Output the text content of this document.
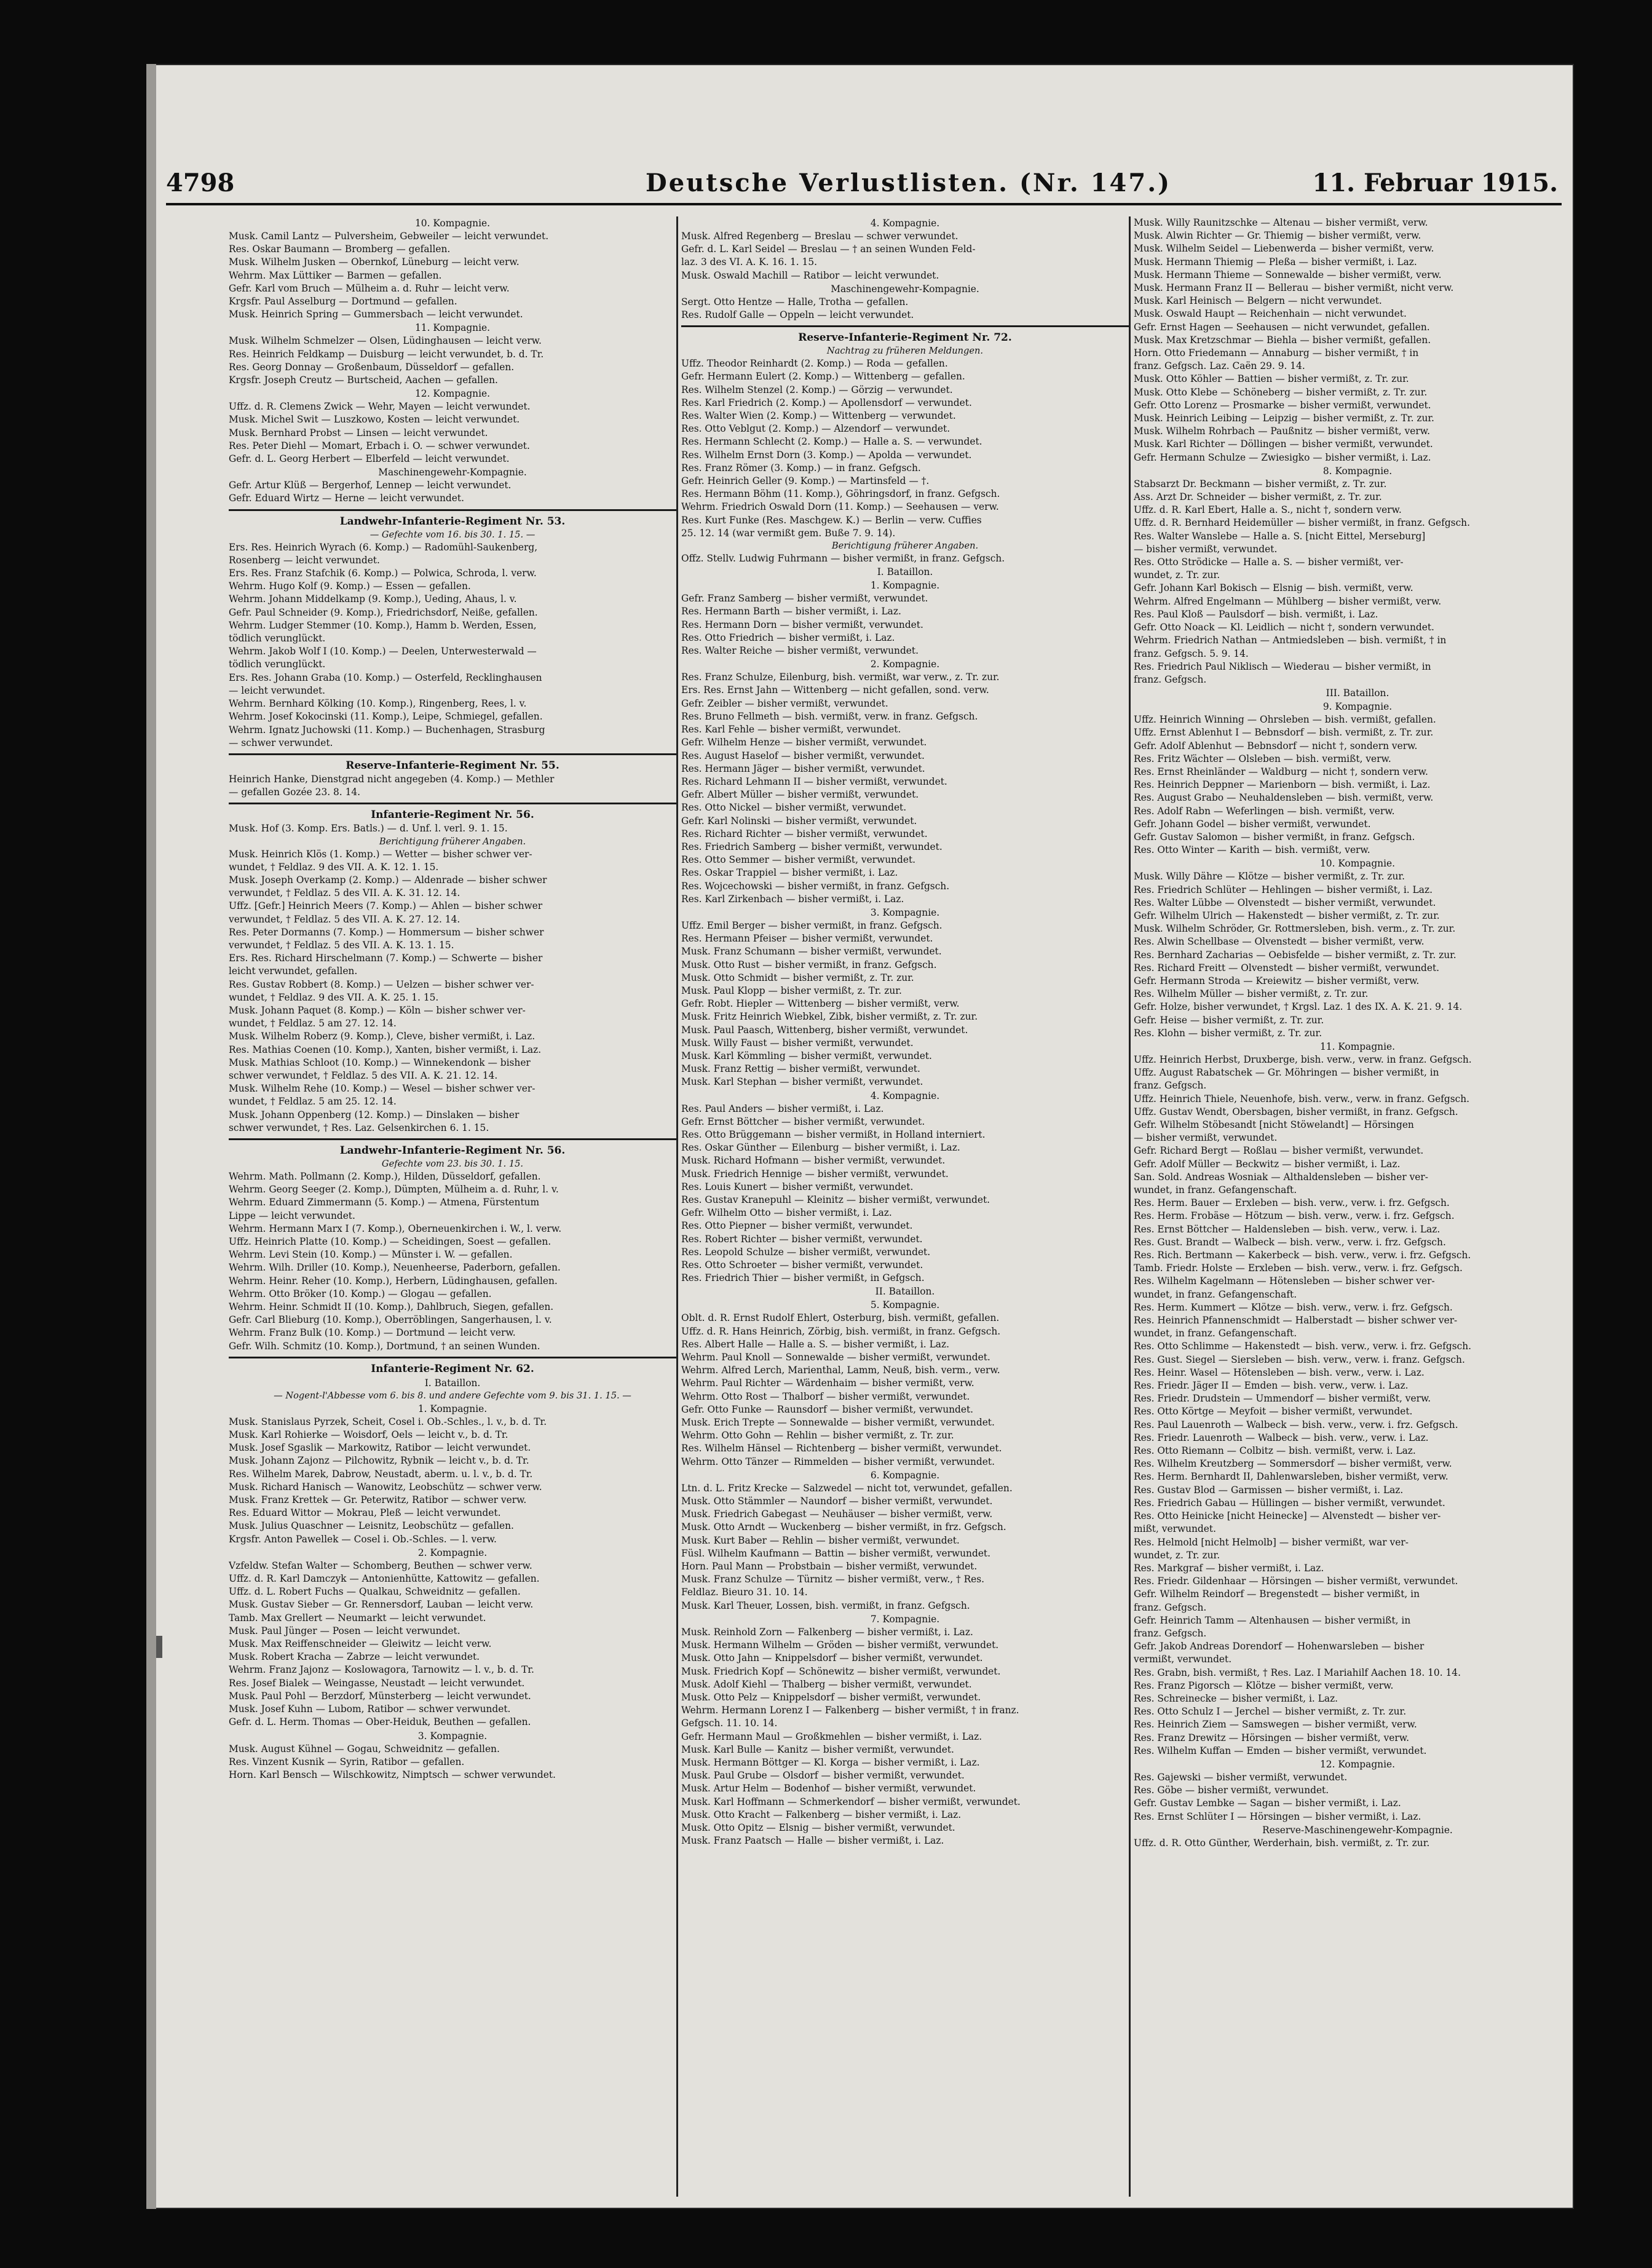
4798	Deutsche Verlustlisten. (Nr. 147.)	11. Februar 1915.
10. Kompagnie.
Musk. Camil Lantz — Pulversheim, Gebweiler — leicht verwundet.
Res. Oskar Baumann — Bromberg — gefallen.
Musk. Wilhelm Jusken — Obernkof, Lüneburg — leicht verw.
Wehrm. Max Lüttiker — Barmen — gefallen.
Gefr. Karl vom Bruch — Mülheim a. d. Ruhr — leicht verw.
Krgsfr. Paul Asselburg — Dortmund — gefallen.
Musk. Heinrich Spring — Gummersbach — leicht verwundet.
11. Kompagnie.
Musk. Wilhelm Schmelzer — Olsen, Lüdinghausen — leicht verw.
Res. Heinrich Feldkamp — Duisburg — leicht verwundet, b. d. Tr.
Res. Georg Donnay — Großenbaum, Düsseldorf — gefallen.
Krgsfr. Joseph Creutz — Burtscheid, Aachen — gefallen.
12. Kompagnie.
Uffz. d. R. Clemens Zwick — Wehr, Mayen — leicht verwundet.
Musk. Michel Swit — Luszkowo, Kosten — leicht verwundet.
Musk. Bernhard Probst — Linsen — leicht verwundet.
Res. Peter Diehl — Momart, Erbach i. O. — schwer verwundet.
Gefr. d. L. Georg Herbert — Elberfeld — leicht verwundet.
Maschinengewehr-Kompagnie.
Gefr. Artur Klüß — Bergerhof, Lennep — leicht verwundet.
Gefr. Eduard Wirtz — Herne — leicht verwundet.
Landwehr-Infanterie-Regiment Nr. 53.
— Gefechte vom 16. bis 30. 1. 15. —
Ers. Res. Heinrich Wyrach (6. Komp.) — Radomühl-Saukenberg,
Rosenberg — leicht verwundet.
Ers. Res. Franz Stafchik (6. Komp.) — Polwica, Schroda, l. verw.
Wehrm. Hugo Kolf (9. Komp.) — Essen — gefallen.
Wehrm. Johann Middelkamp (9. Komp.), Ueding, Ahaus, l. v.
Gefr. Paul Schneider (9. Komp.), Friedrichsdorf, Neiße, gefallen.
Wehrm. Ludger Stemmer (10. Komp.), Hamm b. Werden, Essen,
tödlich verunglückt.
Wehrm. Jakob Wolf I (10. Komp.) — Deelen, Unterwesterwald —
tödlich verunglückt.
Ers. Res. Johann Graba (10. Komp.) — Osterfeld, Recklinghausen
— leicht verwundet.
Wehrm. Bernhard Kölking (10. Komp.), Ringenberg, Rees, l. v.
Wehrm. Josef Kokocinski (11. Komp.), Leipe, Schmiegel, gefallen.
Wehrm. Ignatz Juchowski (11. Komp.) — Buchenhagen, Strasburg
— schwer verwundet.
Reserve-Infanterie-Regiment Nr. 55.
Heinrich Hanke, Dienstgrad nicht angegeben (4. Komp.) — Methler
— gefallen Gozée 23. 8. 14.
Infanterie-Regiment Nr. 56.
Musk. Hof (3. Komp. Ers. Batls.) — d. Unf. l. verl. 9. 1. 15.
Berichtigung früherer Angaben.
Musk. Heinrich Klös (1. Komp.) — Wetter — bisher schwer ver-
wundet, † Feldlaz. 9 des VII. A. K. 12. 1. 15.
Musk. Joseph Overkamp (2. Komp.) — Aldenrade — bisher schwer
verwundet, † Feldlaz. 5 des VII. A. K. 31. 12. 14.
Uffz. [Gefr.] Heinrich Meers (7. Komp.) — Ahlen — bisher schwer
verwundet, † Feldlaz. 5 des VII. A. K. 27. 12. 14.
Res. Peter Dormanns (7. Komp.) — Hommersum — bisher schwer
verwundet, † Feldlaz. 5 des VII. A. K. 13. 1. 15.
Ers. Res. Richard Hirschelmann (7. Komp.) — Schwerte — bisher
leicht verwundet, gefallen.
Res. Gustav Robbert (8. Komp.) — Uelzen — bisher schwer ver-
wundet, † Feldlaz. 9 des VII. A. K. 25. 1. 15.
Musk. Johann Paquet (8. Komp.) — Köln — bisher schwer ver-
wundet, † Feldlaz. 5 am 27. 12. 14.
Musk. Wilhelm Roberz (9. Komp.), Cleve, bisher vermißt, i. Laz.
Res. Mathias Coenen (10. Komp.), Xanten, bisher vermißt, i. Laz.
Musk. Mathias Schloot (10. Komp.) — Winnekendonk — bisher
schwer verwundet, † Feldlaz. 5 des VII. A. K. 21. 12. 14.
Musk. Wilhelm Rehe (10. Komp.) — Wesel — bisher schwer ver-
wundet, † Feldlaz. 5 am 25. 12. 14.
Musk. Johann Oppenberg (12. Komp.) — Dinslaken — bisher
schwer verwundet, † Res. Laz. Gelsenkirchen 6. 1. 15.
Landwehr-Infanterie-Regiment Nr. 56.
Gefechte vom 23. bis 30. 1. 15.
Wehrm. Math. Pollmann (2. Komp.), Hilden, Düsseldorf, gefallen.
Wehrm. Georg Seeger (2. Komp.), Dümpten, Mülheim a. d. Ruhr, l. v.
Wehrm. Eduard Zimmermann (5. Komp.) — Atmena, Fürstentum
Lippe — leicht verwundet.
Wehrm. Hermann Marx I (7. Komp.), Oberneuenkirchen i. W., l. verw.
Uffz. Heinrich Platte (10. Komp.) — Scheidingen, Soest — gefallen.
Wehrm. Levi Stein (10. Komp.) — Münster i. W. — gefallen.
Wehrm. Wilh. Driller (10. Komp.), Neuenheerse, Paderborn, gefallen.
Wehrm. Heinr. Reher (10. Komp.), Herbern, Lüdinghausen, gefallen.
Wehrm. Otto Bröker (10. Komp.) — Glogau — gefallen.
Wehrm. Heinr. Schmidt II (10. Komp.), Dahlbruch, Siegen, gefallen.
Gefr. Carl Blieburg (10. Komp.), Oberröblingen, Sangerhausen, l. v.
Wehrm. Franz Bulk (10. Komp.) — Dortmund — leicht verw.
Gefr. Wilh. Schmitz (10. Komp.), Dortmund, † an seinen Wunden.
Infanterie-Regiment Nr. 62.
I. Bataillon.
— Nogent-l'Abbesse vom 6. bis 8. und andere Gefechte vom 9. bis 31. 1. 15. —
1. Kompagnie.
Musk. Stanislaus Pyrzek, Scheit, Cosel i. Ob.-Schles., l. v., b. d. Tr.
Musk. Karl Rohierke — Woisdorf, Oels — leicht v., b. d. Tr.
Musk. Josef Sgaslik — Markowitz, Ratibor — leicht verwundet.
Musk. Johann Zajonz — Pilchowitz, Rybnik — leicht v., b. d. Tr.
Res. Wilhelm Marek, Dabrow, Neustadt, aberm. u. l. v., b. d. Tr.
Musk. Richard Hanisch — Wanowitz, Leobschütz — schwer verw.
Musk. Franz Krettek — Gr. Peterwitz, Ratibor — schwer verw.
Res. Eduard Wittor — Mokrau, Pleß — leicht verwundet.
Musk. Julius Quaschner — Leisnitz, Leobschütz — gefallen.
Krgsfr. Anton Pawellek — Cosel i. Ob.-Schles. — l. verw.
2. Kompagnie.
Vzfeldw. Stefan Walter — Schomberg, Beuthen — schwer verw.
Uffz. d. R. Karl Damczyk — Antonienhütte, Kattowitz — gefallen.
Uffz. d. L. Robert Fuchs — Qualkau, Schweidnitz — gefallen.
Musk. Gustav Sieber — Gr. Rennersdorf, Lauban — leicht verw.
Tamb. Max Grellert — Neumarkt — leicht verwundet.
Musk. Paul Jünger — Posen — leicht verwundet.
Musk. Max Reiffenschneider — Gleiwitz — leicht verw.
Musk. Robert Kracha — Zabrze — leicht verwundet.
Wehrm. Franz Jajonz — Koslowagora, Tarnowitz — l. v., b. d. Tr.
Res. Josef Bialek — Weingasse, Neustadt — leicht verwundet.
Musk. Paul Pohl — Berzdorf, Münsterberg — leicht verwundet.
Musk. Josef Kuhn — Lubom, Ratibor — schwer verwundet.
Gefr. d. L. Herm. Thomas — Ober-Heiduk, Beuthen — gefallen.
3. Kompagnie.
Musk. August Kühnel — Gogau, Schweidnitz — gefallen.
Res. Vinzent Kusnik — Syrin, Ratibor — gefallen.
Horn. Karl Bensch — Wilschkowitz, Nimptsch — schwer verwundet.
4. Kompagnie.
Musk. Alfred Regenberg — Breslau — schwer verwundet.
Gefr. d. L. Karl Seidel — Breslau — † an seinen Wunden Feld-
laz. 3 des VI. A. K. 16. 1. 15.
Musk. Oswald Machill — Ratibor — leicht verwundet.
Maschinengewehr-Kompagnie.
Sergt. Otto Hentze — Halle, Trotha — gefallen.
Res. Rudolf Galle — Oppeln — leicht verwundet.
Reserve-Infanterie-Regiment Nr. 72.
Nachtrag zu früheren Meldungen.
Uffz. Theodor Reinhardt (2. Komp.) — Roda — gefallen.
Gefr. Hermann Eulert (2. Komp.) — Wittenberg — gefallen.
Res. Wilhelm Stenzel (2. Komp.) — Görzig — verwundet.
Res. Karl Friedrich (2. Komp.) — Apollensdorf — verwundet.
Res. Walter Wien (2. Komp.) — Wittenberg — verwundet.
Res. Otto Veblgut (2. Komp.) — Alzendorf — verwundet.
Res. Hermann Schlecht (2. Komp.) — Halle a. S. — verwundet.
Res. Wilhelm Ernst Dorn (3. Komp.) — Apolda — verwundet.
Res. Franz Römer (3. Komp.) — in franz. Gefgsch.
Gefr. Heinrich Geller (9. Komp.) — Martinsfeld — †.
Res. Hermann Böhm (11. Komp.), Göhringsdorf, in franz. Gefgsch.
Wehrm. Friedrich Oswald Dorn (11. Komp.) — Seehausen — verw.
Res. Kurt Funke (Res. Maschgew. K.) — Berlin — verw. Cuffies
25. 12. 14 (war vermißt gem. Buße 7. 9. 14).
Berichtigung früherer Angaben.
Offz. Stellv. Ludwig Fuhrmann — bisher vermißt, in franz. Gefgsch.
I. Bataillon.
1. Kompagnie.
Gefr. Franz Samberg — bisher vermißt, verwundet.
Res. Hermann Barth — bisher vermißt, i. Laz.
Res. Hermann Dorn — bisher vermißt, verwundet.
Res. Otto Friedrich — bisher vermißt, i. Laz.
Res. Walter Reiche — bisher vermißt, verwundet.
2. Kompagnie.
Res. Franz Schulze, Eilenburg, bish. vermißt, war verw., z. Tr. zur.
Ers. Res. Ernst Jahn — Wittenberg — nicht gefallen, sond. verw.
Gefr. Zeibler — bisher vermißt, verwundet.
Res. Bruno Fellmeth — bish. vermißt, verw. in franz. Gefgsch.
Res. Karl Fehle — bisher vermißt, verwundet.
Gefr. Wilhelm Henze — bisher vermißt, verwundet.
Res. August Haselof — bisher vermißt, verwundet.
Res. Hermann Jäger — bisher vermißt, verwundet.
Res. Richard Lehmann II — bisher vermißt, verwundet.
Gefr. Albert Müller — bisher vermißt, verwundet.
Res. Otto Nickel — bisher vermißt, verwundet.
Gefr. Karl Nolinski — bisher vermißt, verwundet.
Res. Richard Richter — bisher vermißt, verwundet.
Res. Friedrich Samberg — bisher vermißt, verwundet.
Res. Otto Semmer — bisher vermißt, verwundet.
Res. Oskar Trappiel — bisher vermißt, i. Laz.
Res. Wojcechowski — bisher vermißt, in franz. Gefgsch.
Res. Karl Zirkenbach — bisher vermißt, i. Laz.
3. Kompagnie.
Uffz. Emil Berger — bisher vermißt, in franz. Gefgsch.
Res. Hermann Pfeiser — bisher vermißt, verwundet.
Musk. Franz Schumann — bisher vermißt, verwundet.
Musk. Otto Rust — bisher vermißt, in franz. Gefgsch.
Musk. Otto Schmidt — bisher vermißt, z. Tr. zur.
Musk. Paul Klopp — bisher vermißt, z. Tr. zur.
Gefr. Robt. Hiepler — Wittenberg — bisher vermißt, verw.
Musk. Fritz Heinrich Wiebkel, Zibk, bisher vermißt, z. Tr. zur.
Musk. Paul Paasch, Wittenberg, bisher vermißt, verwundet.
Musk. Willy Faust — bisher vermißt, verwundet.
Musk. Karl Kömmling — bisher vermißt, verwundet.
Musk. Franz Rettig — bisher vermißt, verwundet.
Musk. Karl Stephan — bisher vermißt, verwundet.
4. Kompagnie.
Res. Paul Anders — bisher vermißt, i. Laz.
Gefr. Ernst Böttcher — bisher vermißt, verwundet.
Res. Otto Brüggemann — bisher vermißt, in Holland interniert.
Res. Oskar Günther — Eilenburg — bisher vermißt, i. Laz.
Musk. Richard Hofmann — bisher vermißt, verwundet.
Musk. Friedrich Hennige — bisher vermißt, verwundet.
Res. Louis Kunert — bisher vermißt, verwundet.
Res. Gustav Kranepuhl — Kleinitz — bisher vermißt, verwundet.
Gefr. Wilhelm Otto — bisher vermißt, i. Laz.
Res. Otto Piepner — bisher vermißt, verwundet.
Res. Robert Richter — bisher vermißt, verwundet.
Res. Leopold Schulze — bisher vermißt, verwundet.
Res. Otto Schroeter — bisher vermißt, verwundet.
Res. Friedrich Thier — bisher vermißt, in Gefgsch.
II. Bataillon.
5. Kompagnie.
Oblt. d. R. Ernst Rudolf Ehlert, Osterburg, bish. vermißt, gefallen.
Uffz. d. R. Hans Heinrich, Zörbig, bish. vermißt, in franz. Gefgsch.
Res. Albert Halle — Halle a. S. — bisher vermißt, i. Laz.
Wehrm. Paul Knoll — Sonnewalde — bisher vermißt, verwundet.
Wehrm. Alfred Lerch, Marienthal, Lamm, Neuß, bish. verm., verw.
Wehrm. Paul Richter — Wärdenhaim — bisher vermißt, verw.
Wehrm. Otto Rost — Thalborf — bisher vermißt, verwundet.
Gefr. Otto Funke — Raunsdorf — bisher vermißt, verwundet.
Musk. Erich Trepte — Sonnewalde — bisher vermißt, verwundet.
Wehrm. Otto Gohn — Rehlin — bisher vermißt, z. Tr. zur.
Res. Wilhelm Hänsel — Richtenberg — bisher vermißt, verwundet.
Wehrm. Otto Tänzer — Rimmelden — bisher vermißt, verwundet.
6. Kompagnie.
Ltn. d. L. Fritz Krecke — Salzwedel — nicht tot, verwundet, gefallen.
Musk. Otto Stämmler — Naundorf — bisher vermißt, verwundet.
Musk. Friedrich Gabegast — Neuhäuser — bisher vermißt, verw.
Musk. Otto Arndt — Wuckenberg — bisher vermißt, in frz. Gefgsch.
Musk. Kurt Baber — Rehlin — bisher vermißt, verwundet.
Füsl. Wilhelm Kaufmann — Battin — bisher vermißt, verwundet.
Horn. Paul Mann — Probstbain — bisher vermißt, verwundet.
Musk. Franz Schulze — Türnitz — bisher vermißt, verw., † Res.
Feldlaz. Bieuro 31. 10. 14.
Musk. Karl Theuer, Lossen, bish. vermißt, in franz. Gefgsch.
7. Kompagnie.
Musk. Reinhold Zorn — Falkenberg — bisher vermißt, i. Laz.
Musk. Hermann Wilhelm — Gröden — bisher vermißt, verwundet.
Musk. Otto Jahn — Knippelsdorf — bisher vermißt, verwundet.
Musk. Friedrich Kopf — Schönewitz — bisher vermißt, verwundet.
Musk. Adolf Kiehl — Thalberg — bisher vermißt, verwundet.
Musk. Otto Pelz — Knippelsdorf — bisher vermißt, verwundet.
Wehrm. Hermann Lorenz I — Falkenberg — bisher vermißt, † in franz.
Gefgsch. 11. 10. 14.
Gefr. Hermann Maul — Großkmehlen — bisher vermißt, i. Laz.
Musk. Karl Bulle — Kanitz — bisher vermißt, verwundet.
Musk. Hermann Böttger — Kl. Korga — bisher vermißt, i. Laz.
Musk. Paul Grube — Olsdorf — bisher vermißt, verwundet.
Musk. Artur Helm — Bodenhof — bisher vermißt, verwundet.
Musk. Karl Hoffmann — Schmerkendorf — bisher vermißt, verwundet.
Musk. Otto Kracht — Falkenberg — bisher vermißt, i. Laz.
Musk. Otto Opitz — Elsnig — bisher vermißt, verwundet.
Musk. Franz Paatsch — Halle — bisher vermißt, i. Laz.
Musk. Willy Raunitzschke — Altenau — bisher vermißt, verw.
Musk. Alwin Richter — Gr. Thiemig — bisher vermißt, verw.
Musk. Wilhelm Seidel — Liebenwerda — bisher vermißt, verw.
Musk. Hermann Thiemig — Pleßa — bisher vermißt, i. Laz.
Musk. Hermann Thieme — Sonnewalde — bisher vermißt, verw.
Musk. Hermann Franz II — Bellerau — bisher vermißt, nicht verw.
Musk. Karl Heinisch — Belgern — nicht verwundet.
Musk. Oswald Haupt — Reichenhain — nicht verwundet.
Gefr. Ernst Hagen — Seehausen — nicht verwundet, gefallen.
Musk. Max Kretzschmar — Biehla — bisher vermißt, gefallen.
Horn. Otto Friedemann — Annaburg — bisher vermißt, † in
franz. Gefgsch. Laz. Caën 29. 9. 14.
Musk. Otto Köhler — Battien — bisher vermißt, z. Tr. zur.
Musk. Otto Klebe — Schöneberg — bisher vermißt, z. Tr. zur.
Gefr. Otto Lorenz — Prosmarke — bisher vermißt, verwundet.
Musk. Heinrich Leibing — Leipzig — bisher vermißt, z. Tr. zur.
Musk. Wilhelm Rohrbach — Paußnitz — bisher vermißt, verw.
Musk. Karl Richter — Döllingen — bisher vermißt, verwundet.
Gefr. Hermann Schulze — Zwiesigko — bisher vermißt, i. Laz.
8. Kompagnie.
Stabsarzt Dr. Beckmann — bisher vermißt, z. Tr. zur.
Ass. Arzt Dr. Schneider — bisher vermißt, z. Tr. zur.
Uffz. d. R. Karl Ebert, Halle a. S., nicht †, sondern verw.
Uffz. d. R. Bernhard Heidemüller — bisher vermißt, in franz. Gefgsch.
Res. Walter Wanslebe — Halle a. S. [nicht Eittel, Merseburg]
— bisher vermißt, verwundet.
Res. Otto Strödicke — Halle a. S. — bisher vermißt, ver-
wundet, z. Tr. zur.
Gefr. Johann Karl Bokisch — Elsnig — bish. vermißt, verw.
Wehrm. Alfred Engelmann — Mühlberg — bisher vermißt, verw.
Res. Paul Kloß — Paulsdorf — bish. vermißt, i. Laz.
Gefr. Otto Noack — Kl. Leidlich — nicht †, sondern verwundet.
Wehrm. Friedrich Nathan — Antmiedsleben — bish. vermißt, † in
franz. Gefgsch. 5. 9. 14.
Res. Friedrich Paul Niklisch — Wiederau — bisher vermißt, in
franz. Gefgsch.
III. Bataillon.
9. Kompagnie.
Uffz. Heinrich Winning — Ohrsleben — bish. vermißt, gefallen.
Uffz. Ernst Ablenhut I — Bebnsdorf — bish. vermißt, z. Tr. zur.
Gefr. Adolf Ablenhut — Bebnsdorf — nicht †, sondern verw.
Res. Fritz Wächter — Olsleben — bish. vermißt, verw.
Res. Ernst Rheinländer — Waldburg — nicht †, sondern verw.
Res. Heinrich Deppner — Marienborn — bish. vermißt, i. Laz.
Res. August Grabo — Neuhaldensleben — bish. vermißt, verw.
Res. Adolf Rabn — Weferlingen — bish. vermißt, verw.
Gefr. Johann Godel — bisher vermißt, verwundet.
Gefr. Gustav Salomon — bisher vermißt, in franz. Gefgsch.
Res. Otto Winter — Karith — bish. vermißt, verw.
10. Kompagnie.
Musk. Willy Dähre — Klötze — bisher vermißt, z. Tr. zur.
Res. Friedrich Schlüter — Hehlingen — bisher vermißt, i. Laz.
Res. Walter Lübbe — Olvenstedt — bisher vermißt, verwundet.
Gefr. Wilhelm Ulrich — Hakenstedt — bisher vermißt, z. Tr. zur.
Musk. Wilhelm Schröder, Gr. Rottmersleben, bish. verm., z. Tr. zur.
Res. Alwin Schellbase — Olvenstedt — bisher vermißt, verw.
Res. Bernhard Zacharias — Oebisfelde — bisher vermißt, z. Tr. zur.
Res. Richard Freitt — Olvenstedt — bisher vermißt, verwundet.
Gefr. Hermann Stroda — Kreiewitz — bisher vermißt, verw.
Res. Wilhelm Müller — bisher vermißt, z. Tr. zur.
Gefr. Holze, bisher verwundet, † Krgsl. Laz. 1 des IX. A. K. 21. 9. 14.
Gefr. Heise — bisher vermißt, z. Tr. zur.
Res. Klohn — bisher vermißt, z. Tr. zur.
11. Kompagnie.
Uffz. Heinrich Herbst, Druxberge, bish. verw., verw. in franz. Gefgsch.
Uffz. August Rabatschek — Gr. Möhringen — bisher vermißt, in
franz. Gefgsch.
Uffz. Heinrich Thiele, Neuenhofe, bish. verw., verw. in franz. Gefgsch.
Uffz. Gustav Wendt, Obersbagen, bisher vermißt, in franz. Gefgsch.
Gefr. Wilhelm Stöbesandt [nicht Stöwelandt] — Hörsingen
— bisher vermißt, verwundet.
Gefr. Richard Bergt — Roßlau — bisher vermißt, verwundet.
Gefr. Adolf Müller — Beckwitz — bisher vermißt, i. Laz.
San. Sold. Andreas Wosniak — Althaldensleben — bisher ver-
wundet, in franz. Gefangenschaft.
Res. Herm. Bauer — Erxleben — bish. verw., verw. i. frz. Gefgsch.
Res. Herm. Frobäse — Hötzum — bish. verw., verw. i. frz. Gefgsch.
Res. Ernst Böttcher — Haldensleben — bish. verw., verw. i. Laz.
Res. Gust. Brandt — Walbeck — bish. verw., verw. i. frz. Gefgsch.
Res. Rich. Bertmann — Kakerbeck — bish. verw., verw. i. frz. Gefgsch.
Tamb. Friedr. Holste — Erxleben — bish. verw., verw. i. frz. Gefgsch.
Res. Wilhelm Kagelmann — Hötensleben — bisher schwer ver-
wundet, in franz. Gefangenschaft.
Res. Herm. Kummert — Klötze — bish. verw., verw. i. frz. Gefgsch.
Res. Heinrich Pfannenschmidt — Halberstadt — bisher schwer ver-
wundet, in franz. Gefangenschaft.
Res. Otto Schlimme — Hakenstedt — bish. verw., verw. i. frz. Gefgsch.
Res. Gust. Siegel — Siersleben — bish. verw., verw. i. franz. Gefgsch.
Res. Heinr. Wasel — Hötensleben — bish. verw., verw. i. Laz.
Res. Friedr. Jäger II — Emden — bish. verw., verw. i. Laz.
Res. Friedr. Drudstein — Ummendorf — bisher vermißt, verw.
Res. Otto Körtge — Meyfoit — bisher vermißt, verwundet.
Res. Paul Lauenroth — Walbeck — bish. verw., verw. i. frz. Gefgsch.
Res. Friedr. Lauenroth — Walbeck — bish. verw., verw. i. Laz.
Res. Otto Riemann — Colbitz — bish. vermißt, verw. i. Laz.
Res. Wilhelm Kreutzberg — Sommersdorf — bisher vermißt, verw.
Res. Herm. Bernhardt II, Dahlenwarsleben, bisher vermißt, verw.
Res. Gustav Blod — Garmissen — bisher vermißt, i. Laz.
Res. Friedrich Gabau — Hüllingen — bisher vermißt, verwundet.
Res. Otto Heinicke [nicht Heinecke] — Alvenstedt — bisher ver-
mißt, verwundet.
Res. Helmold [nicht Helmolb] — bisher vermißt, war ver-
wundet, z. Tr. zur.
Res. Markgraf — bisher vermißt, i. Laz.
Res. Friedr. Gildenhaar — Hörsingen — bisher vermißt, verwundet.
Gefr. Wilhelm Reindorf — Bregenstedt — bisher vermißt, in
franz. Gefgsch.
Gefr. Heinrich Tamm — Altenhausen — bisher vermißt, in
franz. Gefgsch.
Gefr. Jakob Andreas Dorendorf — Hohenwarsleben — bisher
vermißt, verwundet.
Res. Grabn, bish. vermißt, † Res. Laz. I Mariahilf Aachen 18. 10. 14.
Res. Franz Pigorsch — Klötze — bisher vermißt, verw.
Res. Schreinecke — bisher vermißt, i. Laz.
Res. Otto Schulz I — Jerchel — bisher vermißt, z. Tr. zur.
Res. Heinrich Ziem — Samswegen — bisher vermißt, verw.
Res. Franz Drewitz — Hörsingen — bisher vermißt, verw.
Res. Wilhelm Kuffan — Emden — bisher vermißt, verwundet.
12. Kompagnie.
Res. Gajewski — bisher vermißt, verwundet.
Res. Göbe — bisher vermißt, verwundet.
Gefr. Gustav Lembke — Sagan — bisher vermißt, i. Laz.
Res. Ernst Schlüter I — Hörsingen — bisher vermißt, i. Laz.
Reserve-Maschinengewehr-Kompagnie.
Uffz. d. R. Otto Günther, Werderhain, bish. vermißt, z. Tr. zur.
